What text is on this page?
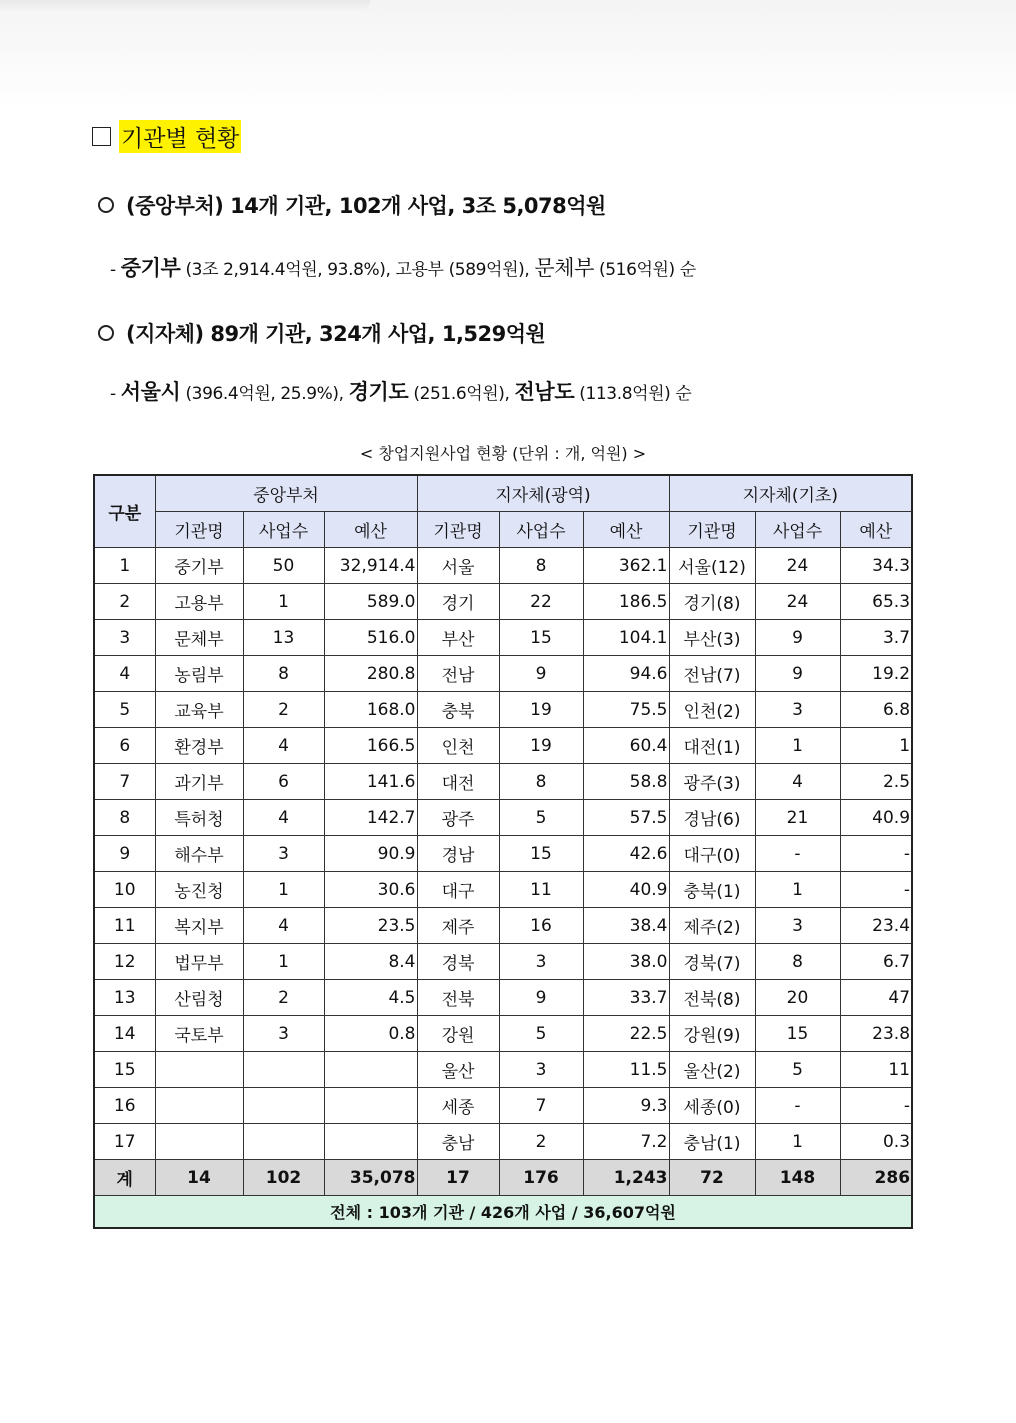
기관별 현황
(중앙부처) 14개 기관, 102개 사업, 3조 5,078억원
- 중기부 (3조 2,914.4억원, 93.8%), 고용부 (589억원), 문체부 (516억원) 순
(지자체) 89개 기관, 324개 사업, 1,529억원
- 서울시 (396.4억원, 25.9%), 경기도 (251.6억원), 전남도 (113.8억원) 순
< 창업지원사업 현황 (단위 : 개, 억원) >
구분	중앙부처			지자체(광역)			지자체(기초)		
	기관명	사업수	예산	기관명	사업수	예산	기관명	사업수	예산
1	중기부	50	32,914.4	서울	8	362.1	서울(12)	24	34.3
2	고용부	1	589.0	경기	22	186.5	경기(8)	24	65.3
3	문체부	13	516.0	부산	15	104.1	부산(3)	9	3.7
4	농림부	8	280.8	전남	9	94.6	전남(7)	9	19.2
5	교육부	2	168.0	충북	19	75.5	인천(2)	3	6.8
6	환경부	4	166.5	인천	19	60.4	대전(1)	1	1
7	과기부	6	141.6	대전	8	58.8	광주(3)	4	2.5
8	특허청	4	142.7	광주	5	57.5	경남(6)	21	40.9
9	해수부	3	90.9	경남	15	42.6	대구(0)	-	-
10	농진청	1	30.6	대구	11	40.9	충북(1)	1	-
11	복지부	4	23.5	제주	16	38.4	제주(2)	3	23.4
12	법무부	1	8.4	경북	3	38.0	경북(7)	8	6.7
13	산림청	2	4.5	전북	9	33.7	전북(8)	20	47
14	국토부	3	0.8	강원	5	22.5	강원(9)	15	23.8
15				울산	3	11.5	울산(2)	5	11
16				세종	7	9.3	세종(0)	-	-
17				충남	2	7.2	충남(1)	1	0.3
계	14	102	35,078	17	176	1,243	72	148	286
전체 : 103개 기관 / 426개 사업 / 36,607억원									
